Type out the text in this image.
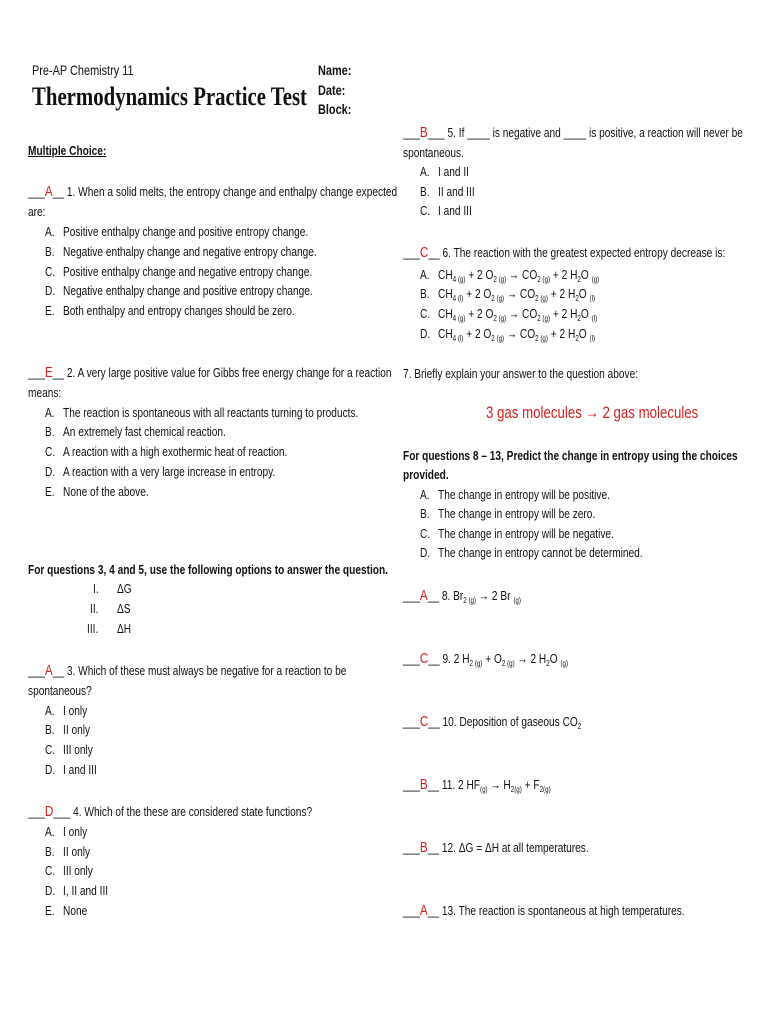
Pre-AP Chemistry 11
Thermodynamics Practice Test
Name:
Date:
Block:
Multiple Choice:
___A__ 1. When a solid melts, the entropy change and enthalpy change expected
are:
A. Positive enthalpy change and positive entropy change.
B. Negative enthalpy change and negative entropy change.
C. Positive enthalpy change and negative entropy change.
D. Negative enthalpy change and positive entropy change.
E. Both enthalpy and entropy changes should be zero.
___E__ 2. A very large positive value for Gibbs free energy change for a reaction
means:
A. The reaction is spontaneous with all reactants turning to products.
B. An extremely fast chemical reaction.
C. A reaction with a high exothermic heat of reaction.
D. A reaction with a very large increase in entropy.
E. None of the above.
For questions 3, 4 and 5, use the following options to answer the question.
I. ΔG
II. ΔS
III. ΔH
___A__ 3. Which of these must always be negative for a reaction to be
spontaneous?
A. I only
B. II only
C. III only
D. I and III
___D___ 4. Which of the these are considered state functions?
A. I only
B. II only
C. III only
D. I, II and III
E. None
___B___ 5. If ____ is negative and ____ is positive, a reaction will never be
spontaneous.
A. I and II
B. II and III
C. I and III
___C__ 6. The reaction with the greatest expected entropy decrease is:
A. $CH_{4 (g)} + 2$ $O_{2 (g)} \to CO_{2 (g)} + 2$ $H_2O$ $_{(g)}$
B. $CH_{4 (l)} + 2$ $O_{2 (g)} \to CO_{2 (g)} + 2$ $H_2O$ $_{(l)}$
C. $CH_{4 (g)} + 2$ $O_{2 (g)} \to CO_{2 (g)} + 2$ $H_2O$ $_{(l)}$
D. $CH_{4 (l)} + 2$ $O_{2 (g)} \to CO_{2 (g)} + 2$ $H_2O$ $_{(l)}$
7. Briefly explain your answer to the question above:
3 gas molecules → 2 gas molecules
For questions 8 – 13, Predict the change in entropy using the choices
provided.
A. The change in entropy will be positive.
B. The change in entropy will be zero.
C. The change in entropy will be negative.
D. The change in entropy cannot be determined.
___A__ 8. $Br_{2 (g)} \to 2$ Br $_{(g)}$
___C__ 9. 2 $H_{2 (g)} + O_{2 (g)} \to 2$ $H_2O$ $_{(g)}$
___C__ 10. Deposition of gaseous $CO_2$
___B__ 11. 2 $HF_{(g)} \to H_{2(g)} + F_{2(g)}$
___B__ 12. ΔG = ΔH at all temperatures.
___A__ 13. The reaction is spontaneous at high temperatures.
